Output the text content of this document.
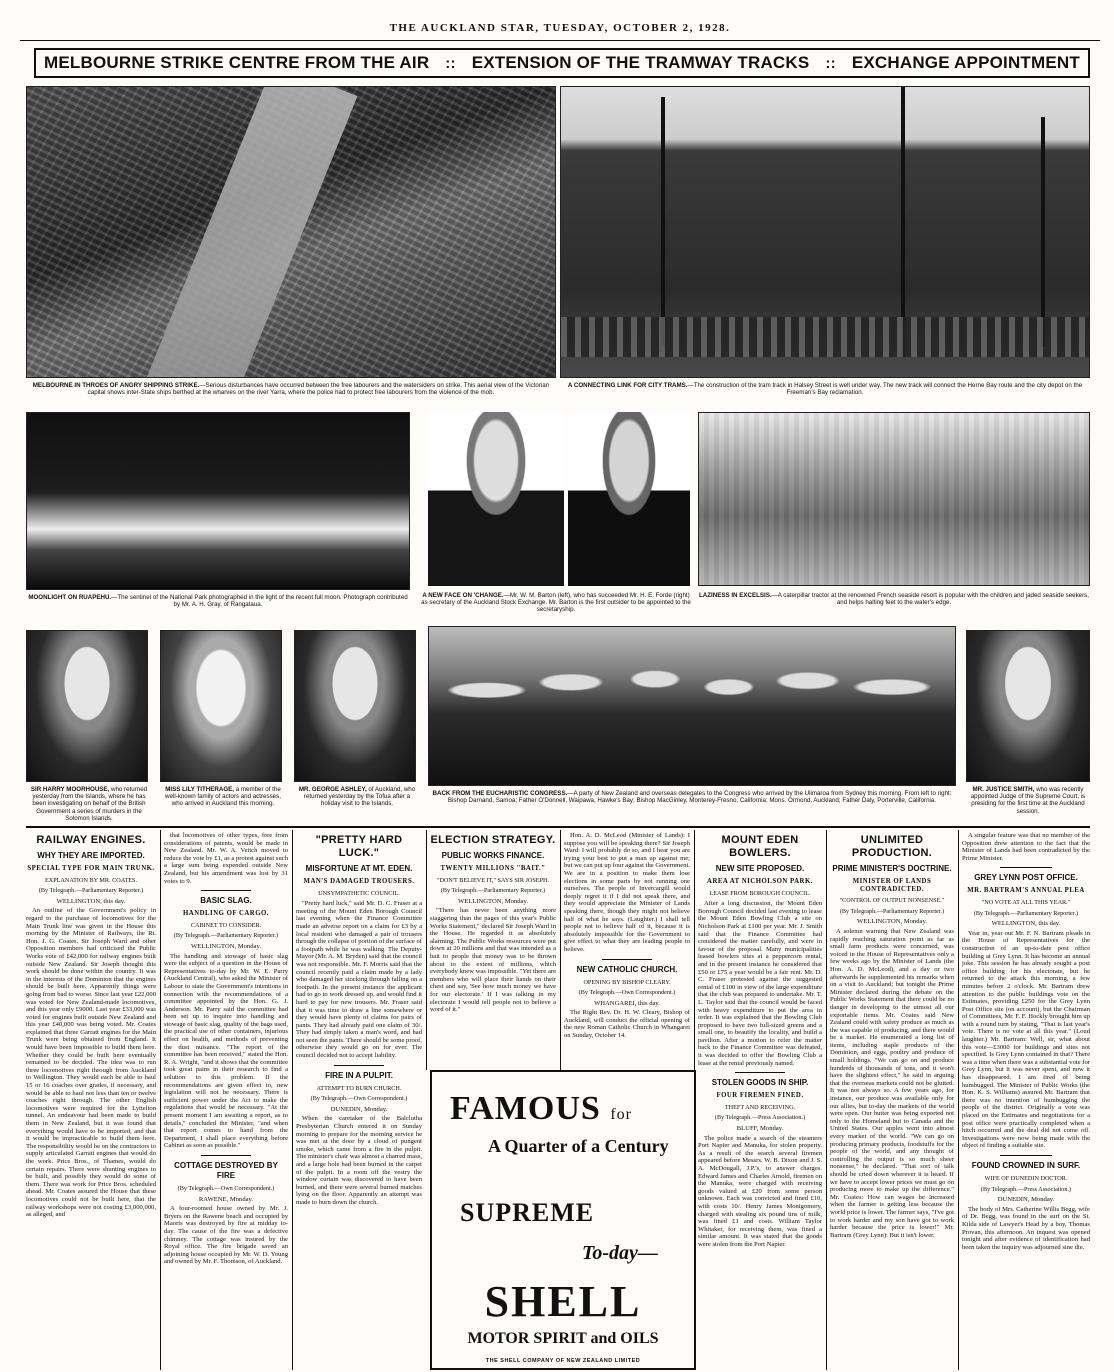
THE AUCKLAND STAR, TUESDAY, OCTOBER 2, 1928.
MELBOURNE STRIKE CENTRE FROM THE AIR :: EXTENSION OF THE TRAMWAY TRACKS :: EXCHANGE APPOINTMENT
MELBOURNE IN THROES OF ANGRY SHIPPING STRIKE.—Serious disturbances have occurred between the free labourers and the watersiders on strike. This aerial view of the Victorian capital shows inter-State ships berthed at the wharves on the river Yarra, where the police had to protect free labourers from the violence of the mob.
A CONNECTING LINK FOR CITY TRAMS.—The construction of the tram track in Halsey Street is well under way. The new track will connect the Herne Bay route and the city depot on the Freeman's Bay reclamation.
MOONLIGHT ON RUAPEHU.—The sentinel of the National Park photographed in the light of the recent full moon. Photograph contributed by Mr. A. H. Gray, of Rangataua.
A NEW FACE ON 'CHANGE.—Mr. W. M. Barton (left), who has succeeded Mr. H. E. Forde (right) as secretary of the Auckland Stock Exchange. Mr. Barton is the first outsider to be appointed to the secretaryship.
LAZINESS IN EXCELSIS.—A caterpillar tractor at the renowned French seaside resort is popular with the children and jaded seaside seekers, and helps halting feet to the water's edge.
SIR HARRY MOORHOUSE, who returned yesterday from the Islands, where he has been investigating on behalf of the British Government a series of murders in the Solomon Islands.
MISS LILY TITHERAGE, a member of the well-known family of actors and actresses, who arrived in Auckland this morning.
MR. GEORGE ASHLEY, of Auckland, who returned yesterday by the Tofua after a holiday visit to the Islands.
BACK FROM THE EUCHARISTIC CONGRESS.—A party of New Zealand and overseas delegates to the Congress who arrived by the Ulimaroa from Sydney this morning. From left to right: Bishop Darnand, Samoa; Father O'Donnell, Waipawa, Hawke's Bay; Bishop MacGinley, Monterey-Fresno, California; Mons. Ormond, Auckland; Father Daly, Porterville, California.
MR. JUSTICE SMITH, who was recently appointed Judge of the Supreme Court, is presiding for the first time at the Auckland session.
RAILWAY ENGINES.
WHY THEY ARE IMPORTED.
SPECIAL TYPE FOR MAIN TRUNK.
EXPLANATION BY MR. COATES.
(By Telegraph.—Parliamentary Reporter.)
WELLINGTON, this day.

An outline of the Government's policy in regard to the purchase of locomotives for the Main Trunk line was given in the House this morning by the Minister of Railways, the Rt. Hon. J. G. Coates. Sir Joseph Ward and other Opposition members had criticised the Public Works vote of £42,000 for railway engines built outside New Zealand. Sir Joseph thought this work should be done within the country. It was in the interests of the Dominion that the engines should be built here. Apparently things were going from bad to worse. Since last year £22,000 was voted for New Zealand-made locomotives, and this year only £9000. Last year £33,000 was voted for engines built outside New Zealand and this year £40,000 was being voted. Mr. Coates explained that three Garratt engines for the Main Trunk were being obtained from England. It would have been impossible to build them here. Whether they could be built here eventually remained to be decided. The idea was to run three locomotives right through from Auckland to Wellington. They would each be able to haul 15 or 16 coaches over grades, if necessary, and would be able to haul not less than ten or twelve coaches right through. The other English locomotives were required for the Lyttelton tunnel. An endeavour had been made to build them in New Zealand, but it was found that everything would have to be imported, and that it would be impracticable to build them here. The responsibility would be on the contractors to supply articulated Garratt engines that would do the work. Price Bros., of Thames, would do certain repairs. There were shunting engines to be built, and possibly they would do some of them. There was work for Price Bros. scheduled ahead. Mr. Coates assured the House that these locomotives could not be built here, that the railway workshops were not costing £3,000,000, as alleged, and

that locomotives of other types, free from considerations of patents, would be made in New Zealand. Mr. W. A. Veitch moved to reduce the vote by £1, as a protest against such a large sum being expended outside New Zealand, but his amendment was lost by 31 votes to 9.

BASIC SLAG.
HANDLING OF CARGO.
CABINET TO CONSIDER.
(By Telegraph.—Parliamentary Reporter.)
WELLINGTON, Monday.

The handling and stowage of basic slag were the subject of a question in the House of Representatives to-day by Mr. W. E. Parry (Auckland Central), who asked the Minister of Labour to state the Government's intentions in connection with the recommendations of a committee appointed by the Hon. G. J. Anderson. Mr. Parry said the committee had been set up to inquire into handling and stowage of basic slag, quality of the bags used, the practical use of other containers, injurious effect on health, and methods of preventing the dust nuisance. "The report of the committee has been received," stated the Hon. R. A. Wright, "and it shows that the committee took great pains in their research to find a solution to this problem. If the recommendations are given effect to, new legislation will not be necessary. There is sufficient power under the Act to make the regulations that would be necessary. "At the present moment I am awaiting a report, as to details," concluded the Minister, "and when that report comes to hand from the Department, I shall place everything before Cabinet as soon as possible."

COTTAGE DESTROYED BY FIRE
(By Telegraph.—Own Correspondent.)
RAWENE, Monday.

A four-roomed house owned by Mr. J. Bryers on the Rawene beach and occupied by Maoris was destroyed by fire at midday to-day. The cause of the fire was a defective chimney. The cottage was insured by the Royal office. The fire brigade saved an adjoining house occupied by Mr. W. D. Young and owned by Mr. F. Thomson, of Auckland.

"PRETTY HARD LUCK."
MISFORTUNE AT MT. EDEN.
MAN'S DAMAGED TROUSERS.
UNSYMPATHETIC COUNCIL.

"Pretty hard luck," said Mr. D. C. Fraser at a meeting of the Mount Eden Borough Council last evening when the Finance Committee made an adverse report on a claim for £3 by a local resident who damaged a pair of trousers through the collapse of portion of the surface of a footpath while he was walking. The Deputy-Mayor (Mr. A. M. Bryden) said that the council was not responsible. Mr. F. Morris said that the council recently paid a claim made by a lady who damaged her stocking through falling on a footpath. In the present instance the applicant had to go to work dressed up, and would find it hard to pay for new trousers. Mr. Fraser said that it was time to draw a line somewhere or they would have plenty of claims for pairs of pants. They had already paid one claim of 30/. They had simply taken a man's word, and had not seen the pants. There should be some proof, otherwise they would go on for ever. The council decided not to accept liability.

FIRE IN A PULPIT.
ATTEMPT TO BURN CHURCH.
(By Telegraph.—Own Correspondent.)
DUNEDIN, Monday.

When the caretaker of the Balclutha Presbyterian Church entered it on Sunday morning to prepare for the morning service he was met at the door by a cloud of pungent smoke, which came from a fire in the pulpit. The minister's chair was almost a charred mass, and a large hole had been burned in the carpet of the pulpit. In a room off the vestry the window curtain was discovered to have been burned, and there were several burned matches lying on the floor. Apparently an attempt was made to burn down the church.

ELECTION STRATEGY.
PUBLIC WORKS FINANCE.
TWENTY MILLIONS "BAIT."
"DON'T BELIEVE IT," SAYS SIR JOSEPH.
(By Telegraph.—Parliamentary Reporter.)
WELLINGTON, Monday.

"There has never been anything more staggering than the pages of this year's Public Works Statement," declared Sir Joseph Ward in the House. He regarded it as absolutely alarming. The Public Works resources were put down at 20 millions and that was intended as a bait to people that money was to be thrown about to the extent of millions, which everybody knew was impossible. "Yet there are members who will place their hands on their chest and say, 'See how much money we have for our electorate.' If I was talking in my electorate I would tell people not to believe a word of it."

Hon. A. D. McLeod (Minister of Lands): I suppose you will be speaking there? Sir Joseph Ward: I will probably do so, and I hear you are trying your best to put a man up against me; but we can put up four against the Government. We are in a position to make them lose elections in some parts by not running one ourselves. The people of Invercargill would deeply regret it if I did not speak there, and they would appreciate the Minister of Lands speaking there, though they might not believe half of what he says. (Laughter.) I shall tell people not to believe half of it, because it is absolutely impossible for the Government to give effect to what they are leading people to believe.

NEW CATHOLIC CHURCH.
OPENING BY BISHOP CLEARY.
(By Telegraph.—Own Correspondent.)
WHANGAREI, this day.

The Right Rev. Dr. H. W. Cleary, Bishop of Auckland, will conduct the official opening of the new Roman Catholic Church in Whangarei on Sunday, October 14.

FAMOUS for
A Quarter of a Century
SUPREME
To-day—
SHELL
MOTOR SPIRIT and OILS
THE SHELL COMPANY OF NEW ZEALAND LIMITED
MOUNT EDEN BOWLERS.
NEW SITE PROPOSED.
AREA AT NICHOLSON PARK.
LEASE FROM BOROUGH COUNCIL.

After a long discussion, the Mount Eden Borough Council decided last evening to lease the Mount Eden Bowling Club a site on Nicholson Park at £100 per year. Mr. J. Smith said that the Finance Committee had considered the matter carefully, and were in favour of the proposal. Many municipalities leased bowlers sites at a peppercorn rental, and in the present instance he considered that £50 or £75 a year would be a fair rent. Mr. D. C. Fraser protested against the suggested rental of £100 in view of the large expenditure that the club was prepared to undertake. Mr. T. L. Taylor said that the council would be faced with heavy expenditure to put the area in order. It was explained that the Bowling Club proposed to have two full-sized greens and a small one, to beautify the locality, and build a pavilion. After a motion to refer the matter back to the Finance Committee was defeated, it was decided to offer the Bowling Club a lease at the rental previously named.

STOLEN GOODS IN SHIP.
FOUR FIREMEN FINED.
THEFT AND RECEIVING.
(By Telegraph.—Press Association.)
BLUFF, Monday.

The police made a search of the steamers Port Napier and Manuka, for stolen property. As a result of the search several firemen appeared before Messrs. W. B. Dixon and J. S. A. McDougall, J.P.'s, to answer charges. Edward James and Charles Arnold, firemen on the Manuka, were charged with receiving goods valued at £20 from some person unknown. Each was convicted and fined £10, with costs 10/. Henry James Montgomery, charged with stealing six pound tins of milk, was fined £1 and costs. William Taylor Whitaker, for receiving them, was fined a similar amount. It was stated that the goods were stolen from the Port Napier.

UNLIMITED PRODUCTION.
PRIME MINISTER'S DOCTRINE.
MINISTER OF LANDS CONTRADICTED.
"CONTROL OF OUTPUT NONSENSE."
(By Telegraph.—Parliamentary Reporter.)
WELLINGTON, Monday.

A solemn warning that New Zealand was rapidly reaching saturation point as far as small farm products were concerned, was voiced in the House of Representatives only a few weeks ago by the Minister of Lands (the Hon. A. D. McLeod), and a day or two afterwards he supplemented his remarks when on a visit to Auckland; but tonight the Prime Minister declared during the debate on the Public Works Statement that there could be no danger in developing to the utmost all our exportable items. Mr. Coates said New Zealand could with safety produce as much as the was capable of producing, and there would be a market. He enumerated a long list of items, including staple products of the Dominion, and eggs, poultry and produce of small holdings. "We can go on and produce hundreds of thousands of tons, and it won't have the slightest effect," he said in arguing that the overseas markets could not be glutted. It was not always so. A few years ago, for instance, our produce was available only for our allies, but to-day the markets of the world were open. Our butter was being exported not only to the Homeland but to Canada and the United States. Our apples went into almost every market of the world. "We can go on producing primary products, foodstuffs for the people of the world, and any thought of controlling the output is so much sheer nonsense," he declared. "That sort of talk should be cried down wherever it is heard. If we have to accept lower prices we must go on producing more to make up the difference." Mr. Coates: How can wages be increased when the farmer is getting less because the world price is lower. The farmer says, "I've got to work harder and my son have got to work harder because the price is lower!" Mr. Bartram (Grey Lynn): But it isn't lower.

A singular feature was that no member of the Opposition drew attention to the fact that the Minister of Lands had been contradicted by the Prime Minister.

GREY LYNN POST OFFICE.
MR. BARTRAM'S ANNUAL PLEA
"NO VOTE AT ALL THIS YEAR."
(By Telegraph.—Parliamentary Reporter.)
WELLINGTON, this day.

Year in, year out Mr. F. N. Bartram pleads in the House of Representatives for the construction of an up-to-date post office building at Grey Lynn. It has become an annual joke. This session he has already sought a post office building for his electorate, but he returned to the attack this morning, a few minutes before 2 o'clock. Mr. Bartram drew attention to the public buildings vote on the Estimates, providing £250 for the Grey Lynn Post Office site (on account), but the Chairman of Committees, Mr. F. F. Hockly brought him up with a round turn by stating, "That is last year's vote. There is no vote at all this year." (Loud laughter.) Mr. Bartram: Well, sir, what about this vote—£3000 for buildings and sites not specified. Is Grey Lynn contained in that? There was a time when there was a substantial vote for Grey Lynn, but it was never spent, and now it has disappeared. I am tired of being humbugged. The Minister of Public Works (the Hon. K. S. Williams) assured Mr. Bartram that there was no intention of humbugging the people of the district. Originally a vote was placed on the Estimates and negotiations for a post office were practically completed when a hitch occurred and the deal did not come off. Investigations were now being made with the object of finding a suitable site.

FOUND CROWNED IN SURF.
WIFE OF DUNEDIN DOCTOR.
(By Telegraph.—Press Association.)
DUNEDIN, Monday.

The body of Mrs. Catherine Willis Begg, wife of Dr. Begg, was found in the surf on the St. Kilda side of Lawyer's Head by a boy, Thomas Provan, this afternoon. An inquest was opened tonight and after evidence of identification had been taken the inquiry was adjourned sine die.
